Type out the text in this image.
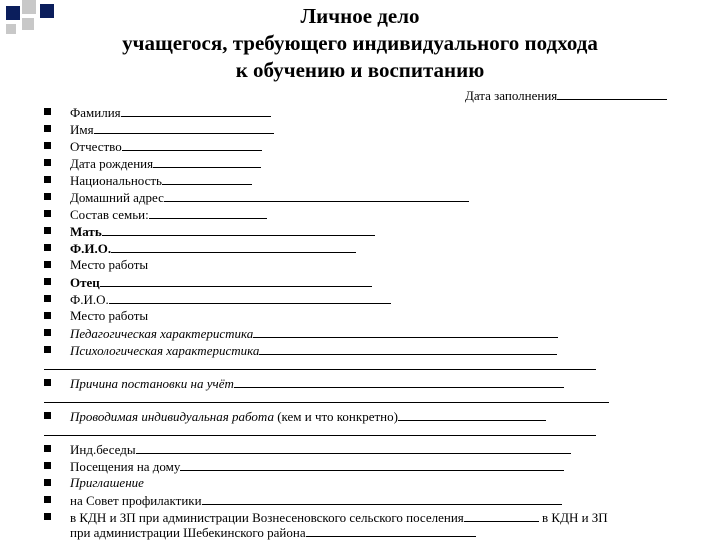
Личное дело
учащегося, требующего индивидуального подхода
к обучению и воспитанию
Дата заполнения
Фамилия
Имя
Отчество
Дата рождения
Национальность
Домашний адрес
Состав семьи:
Мать
Ф.И.О.
Место работы
Отец
Ф.И.О.
Место работы
Педагогическая характеристика
Психологическая характеристика
Причина постановки на учёт
Проводимая индивидуальная работа (кем и что конкретно)
Инд.беседы
Посещения на дому
Приглашение
на Совет профилактики
в КДН и ЗП при администрации Вознесеновского сельского поселения	в КДН и ЗП
при администрации Шебекинского района
